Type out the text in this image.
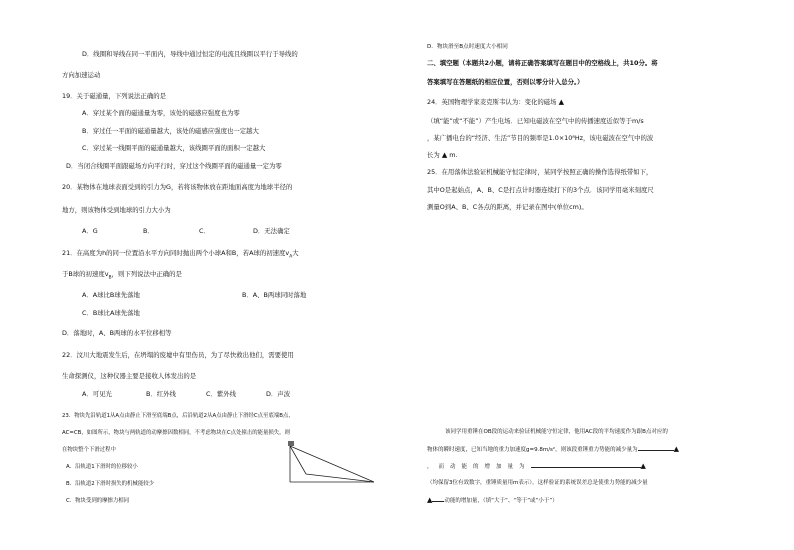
D．线圈和导线在同一平面内，导线中通过恒定的电流且线圈以平行于导线的
方向加速运动
19．关于磁通量，下列说法正确的是
A．穿过某个面的磁通量为零，该处的磁感应强度也为零
B．穿过任一平面的磁通量越大，该处的磁感应强度也一定越大
C．穿过某一线圈平面的磁通量越大，该线圈平面的面积一定越大
D．当闭合线圈平面跟磁场方向平行时，穿过这个线圈平面的磁通量一定为零
20．某物体在地球表面受到的引力为G，若将该物体放在距地面高度为地球半径的
地方，则该物体受到地球的引力大小为
A．G	B．	C．	D．无法确定
21．在高度为h的同一位置沿水平方向同时抛出两个小球A和B，若A球的初速度$v_A$大
于B球的初速度$v_B$，则下列说法中正确的是
A．A球比B球先落地	B．A、B两球同时落地
C．B球比A球先落地
D．落地时，A、B两球的水平位移相等
22．汶川大地震发生后，在坍塌的废墟中有里伤员，为了尽快救出他们，需要使用
生命探测仪，这种仪器主要是接收人体发出的是
A．可见光	B．红外线	C．紫外线	D．声波
23．物块先沿轨道1从A点由静止下滑至底端B点，后沿轨道2从A点由静止下滑经C点至底端B点，
AC=CB，如图所示，物块与两轨道的动摩擦因数相同，不考虑物块在C点处撞击的能量损失，则
在物块整个下滑过程中
A．沿轨道1下滑时的位移较小
B．沿轨道2下滑时损失的机械能较少
C．物块受到的摩擦力相同
D．物块滑至B点时速度大小相同
二、填空题（本题共2小题，请将正确答案填写在题目中的空格线上，共10分。将
答案填写在答题纸的相应位置，否则以零分计入总分。）
24．英国物理学家麦克斯韦认为：变化的磁场 ▲
（填“能”或“不能”）产生电场．已知电磁波在空气中的传播速度近似等于m/s
，某广播电台的“经济、生活”节目的频率是1.0×10⁸Hz，该电磁波在空气中的波
长为 ▲ m.
25．在用落体法验证机械能守恒定律时，某同学按照正确的操作选得纸带如下，
其中O是起始点，A、B、C是打点计时器连续打下的3个点．该同学用毫米刻度尺
测量O到A、B、C各点的距离，并记录在图中(单位cm)。
该同学用重锤在OB段的运动来验证机械能守恒定律，他用AC段的平均速度作为跟B点对应的
物体的瞬时速度，已知当地的重力加速度g=9.8m/s²，则该段重锤重力势能的减少量为	▲
，而动能的增加量为	▲
（均保留3位有效数字，重锤质量用m表示）。这样验证的系统误差总是使重力势能的减少量
▲ 动能的增加量，（填“大于”、“等于”或“小于”）
